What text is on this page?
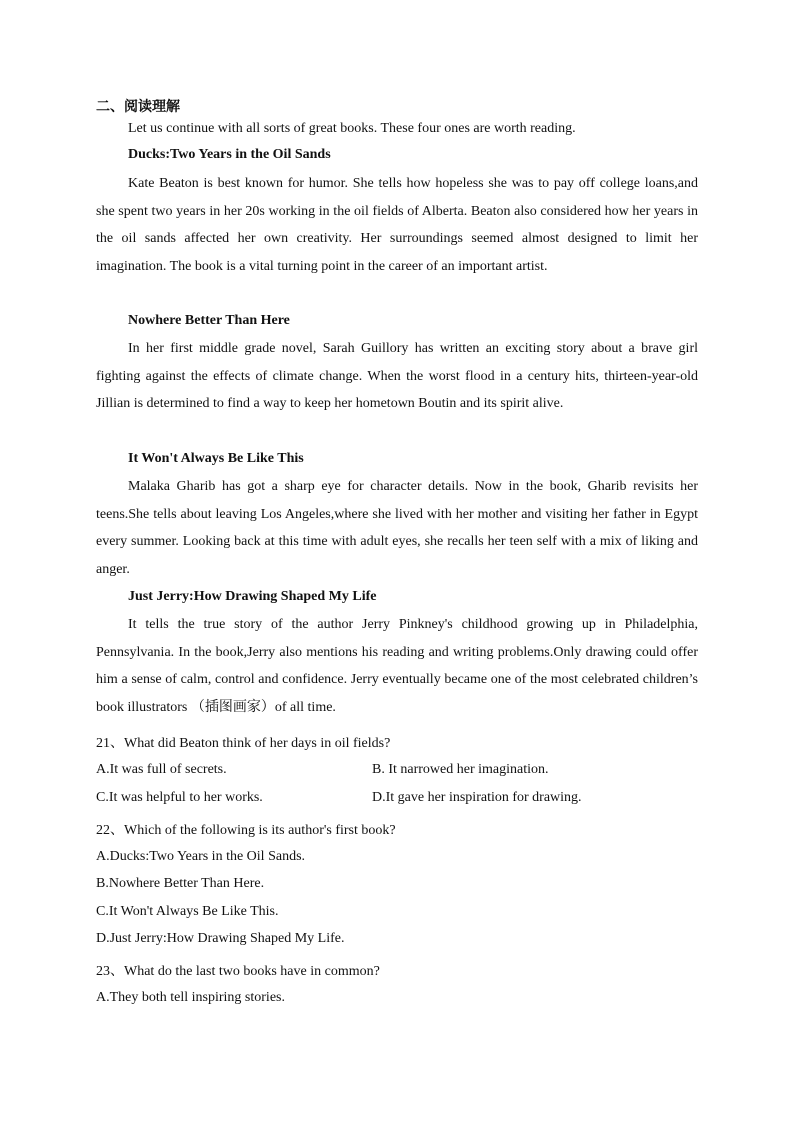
二、阅读理解
Let us continue with all sorts of great books. These four ones are worth reading.
Ducks:Two Years in the Oil Sands
Kate Beaton is best known for humor. She tells how hopeless she was to pay off college loans,and she spent two years in her 20s working in the oil fields of Alberta. Beaton also considered how her years in the oil sands affected her own creativity. Her surroundings seemed almost designed to limit her imagination. The book is a vital turning point in the career of an important artist.
Nowhere Better Than Here
In her first middle grade novel, Sarah Guillory has written an exciting story about a brave girl fighting against the effects of climate change. When the worst flood in a century hits, thirteen-year-old Jillian is determined to find a way to keep her hometown Boutin and its spirit alive.
It Won't Always Be Like This
Malaka Gharib has got a sharp eye for character details. Now in the book, Gharib revisits her teens.She tells about leaving Los Angeles,where she lived with her mother and visiting her father in Egypt every summer. Looking back at this time with adult eyes, she recalls her teen self with a mix of liking and anger.
Just Jerry:How Drawing Shaped My Life
It tells the true story of the author Jerry Pinkney's childhood growing up in Philadelphia, Pennsylvania. In the book,Jerry also mentions his reading and writing problems.Only drawing could offer him a sense of calm, control and confidence. Jerry eventually became one of the most celebrated children’s book illustrators （插图画家）of all time.
21、What did Beaton think of her days in oil fields?
A.It was full of secrets.	B. It narrowed her imagination.
C.It was helpful to her works.	D.It gave her inspiration for drawing.
22、Which of the following is its author's first book?
A.Ducks:Two Years in the Oil Sands.
B.Nowhere Better Than Here.
C.It Won't Always Be Like This.
D.Just Jerry:How Drawing Shaped My Life.
23、What do the last two books have in common?
A.They both tell inspiring stories.
